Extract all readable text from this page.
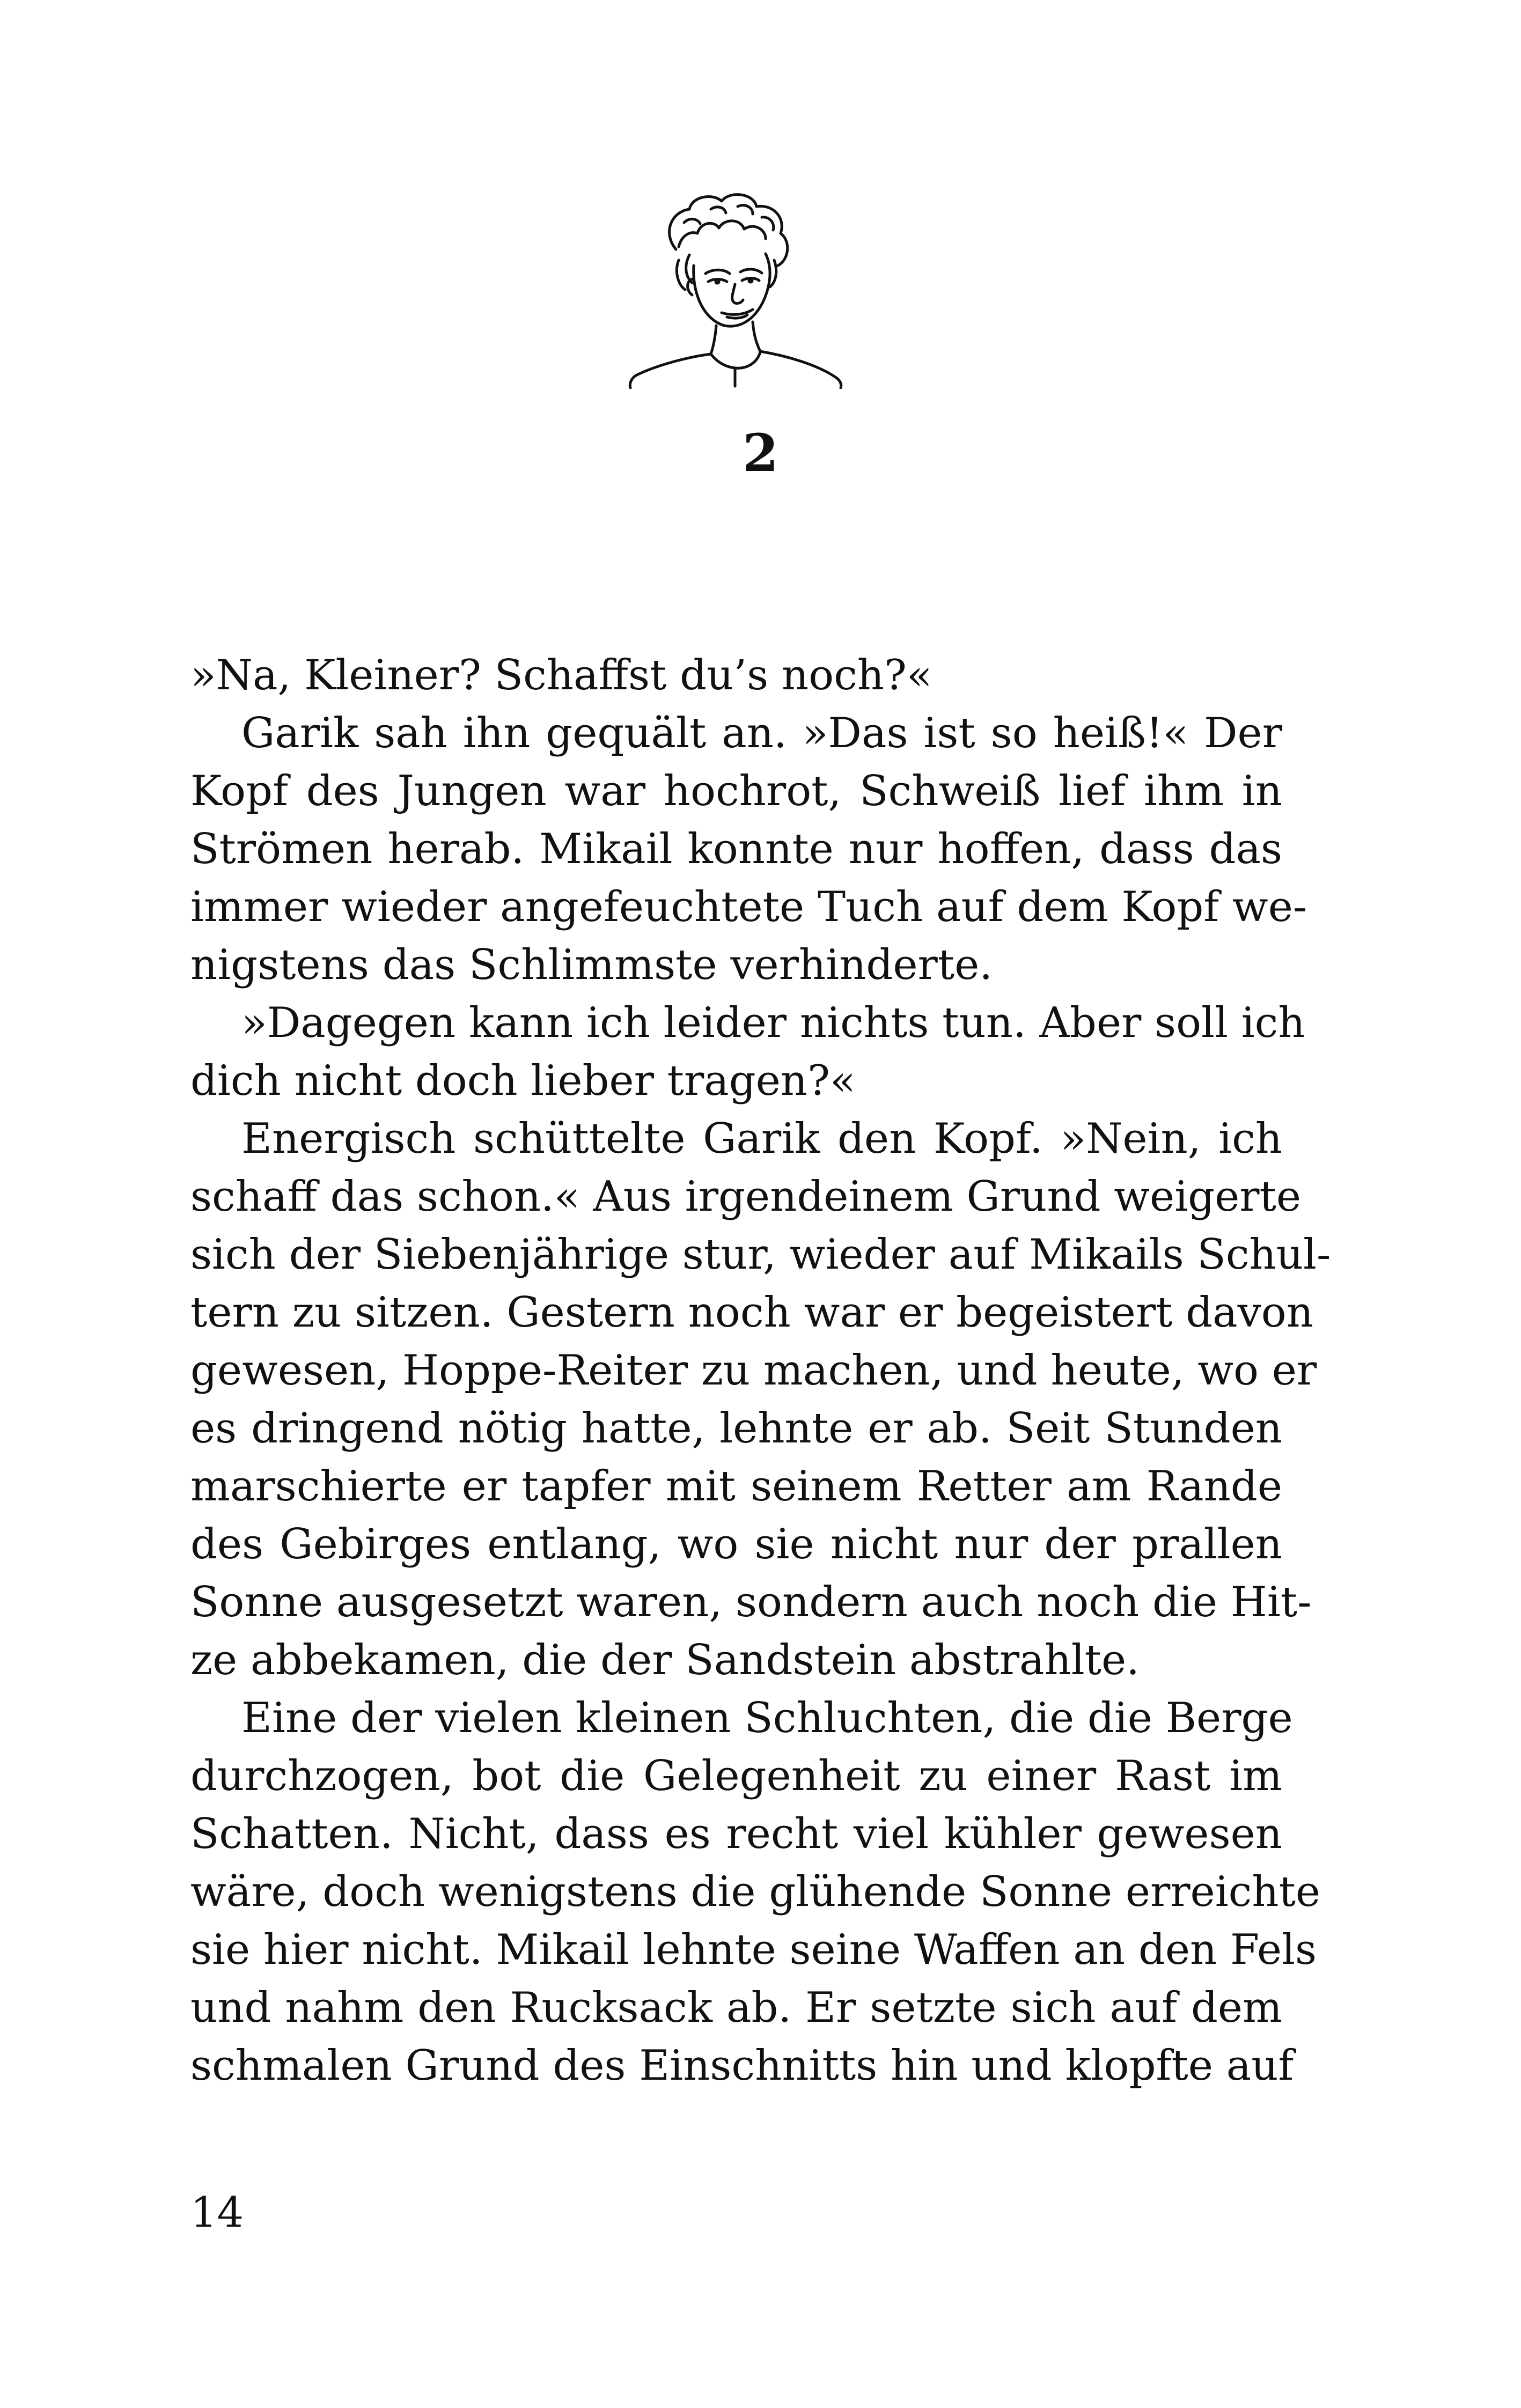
2
»Na, Kleiner? Schaffst du’s noch?«
Garik sah ihn gequält an. »Das ist so heiß!« Der
Kopf des Jungen war hochrot, Schweiß lief ihm in
Strömen herab. Mikail konnte nur hoffen, dass das
immer wieder angefeuchtete Tuch auf dem Kopf we-
nigstens das Schlimmste verhinderte.
»Dagegen kann ich leider nichts tun. Aber soll ich
dich nicht doch lieber tragen?«
Energisch schüttelte Garik den Kopf. »Nein, ich
schaff das schon.« Aus irgendeinem Grund weigerte
sich der Siebenjährige stur, wieder auf Mikails Schul-
tern zu sitzen. Gestern noch war er begeistert davon
gewesen, Hoppe-Reiter zu machen, und heute, wo er
es dringend nötig hatte, lehnte er ab. Seit Stunden
marschierte er tapfer mit seinem Retter am Rande
des Gebirges entlang, wo sie nicht nur der prallen
Sonne ausgesetzt waren, sondern auch noch die Hit-
ze abbekamen, die der Sandstein abstrahlte.
Eine der vielen kleinen Schluchten, die die Berge
durchzogen, bot die Gelegenheit zu einer Rast im
Schatten. Nicht, dass es recht viel kühler gewesen
wäre, doch wenigstens die glühende Sonne erreichte
sie hier nicht. Mikail lehnte seine Waffen an den Fels
und nahm den Rucksack ab. Er setzte sich auf dem
schmalen Grund des Einschnitts hin und klopfte auf
14
